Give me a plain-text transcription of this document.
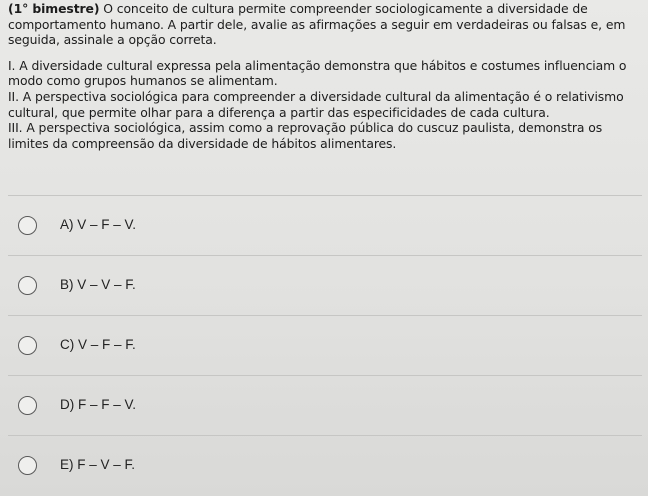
(1° bimestre) O conceito de cultura permite compreender sociologicamente a diversidade de comportamento humano. A partir dele, avalie as afirmações a seguir em verdadeiras ou falsas e, em seguida, assinale a opção correta.

I. A diversidade cultural expressa pela alimentação demonstra que hábitos e costumes influenciam o modo como grupos humanos se alimentam.

II. A perspectiva sociológica para compreender a diversidade cultural da alimentação é o relativismo cultural, que permite olhar para a diferença a partir das especificidades de cada cultura.

III. A perspectiva sociológica, assim como a reprovação pública do cuscuz paulista, demonstra os limites da compreensão da diversidade de hábitos alimentares.

A) V – F – V.
B) V – V – F.
C) V – F – F.
D) F – F – V.
E) F – V – F.
